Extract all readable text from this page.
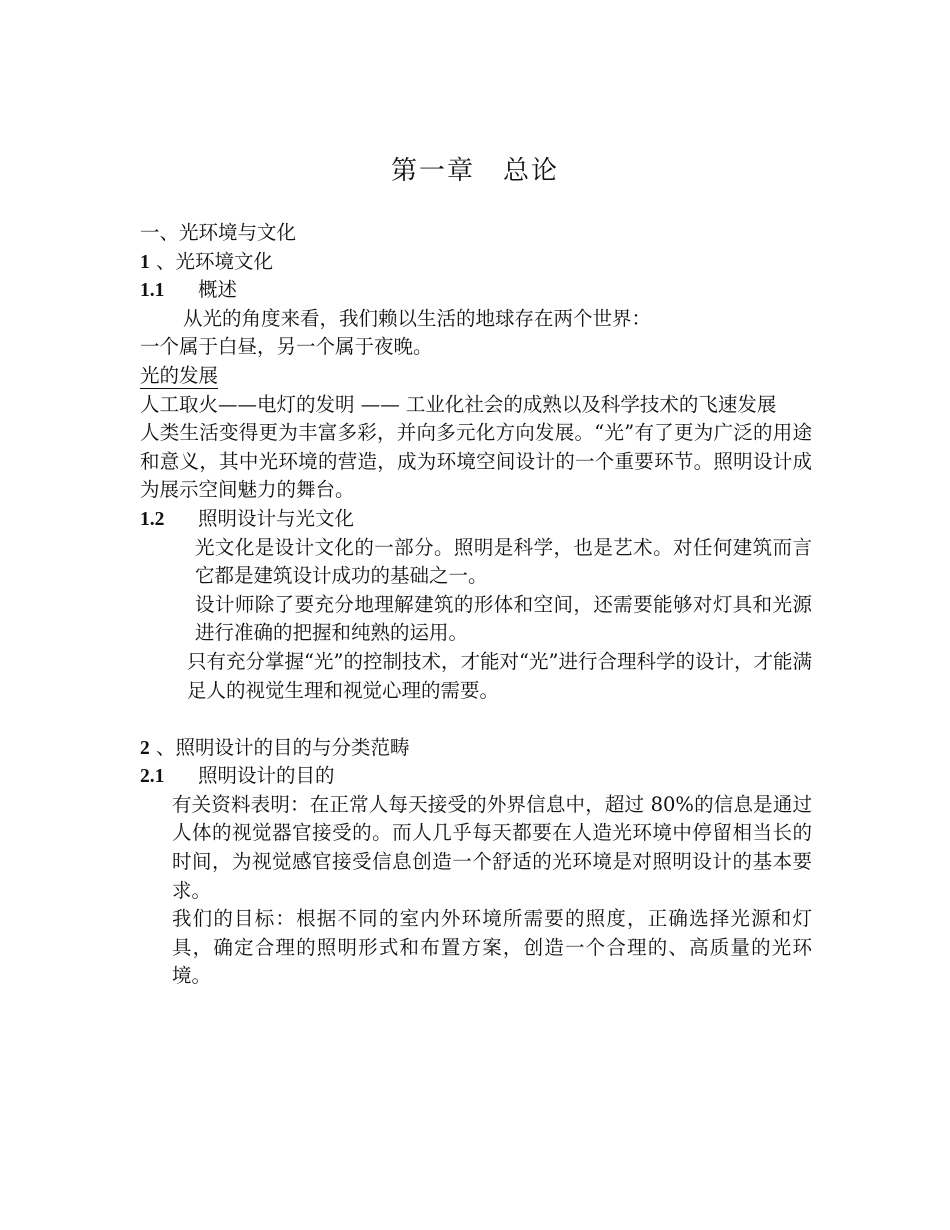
第一章　总论
一、光环境与文化
1 、光环境文化
1.1 概述
从光的角度来看，我们赖以生活的地球存在两个世界：
一个属于白昼，另一个属于夜晚。
光的发展
人工取火——电灯的发明 —— 工业化社会的成熟以及科学技术的飞速发展
人类生活变得更为丰富多彩，并向多元化方向发展。“光”有了更为广泛的用途和意义，其中光环境的营造，成为环境空间设计的一个重要环节。照明设计成为展示空间魅力的舞台。
1.2 照明设计与光文化
光文化是设计文化的一部分。照明是科学，也是艺术。对任何建筑而言它都是建筑设计成功的基础之一。
设计师除了要充分地理解建筑的形体和空间，还需要能够对灯具和光源进行准确的把握和纯熟的运用。
只有充分掌握“光”的控制技术，才能对“光”进行合理科学的设计，才能满足人的视觉生理和视觉心理的需要。
2 、照明设计的目的与分类范畴
2.1 照明设计的目的
有关资料表明：在正常人每天接受的外界信息中，超过 80%的信息是通过人体的视觉器官接受的。而人几乎每天都要在人造光环境中停留相当长的时间，为视觉感官接受信息创造一个舒适的光环境是对照明设计的基本要求。
我们的目标：根据不同的室内外环境所需要的照度，正确选择光源和灯具，确定合理的照明形式和布置方案，创造一个合理的、高质量的光环境。
